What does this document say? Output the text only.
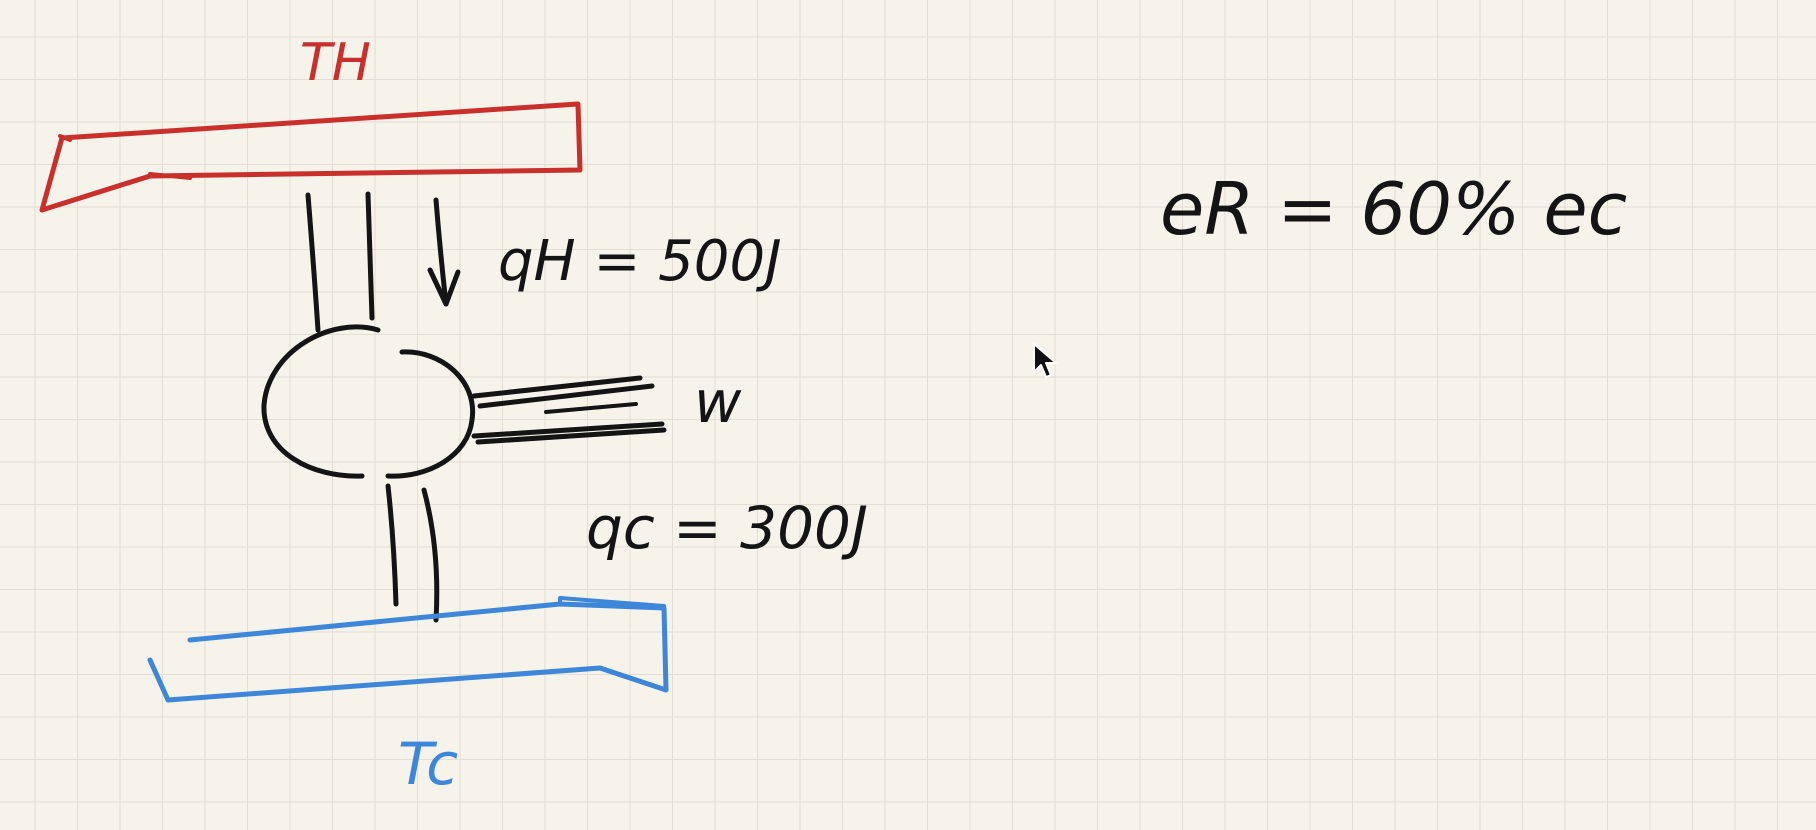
TH
Tc
qH = 500J
w
qc = 300J
eR = 60% ec
